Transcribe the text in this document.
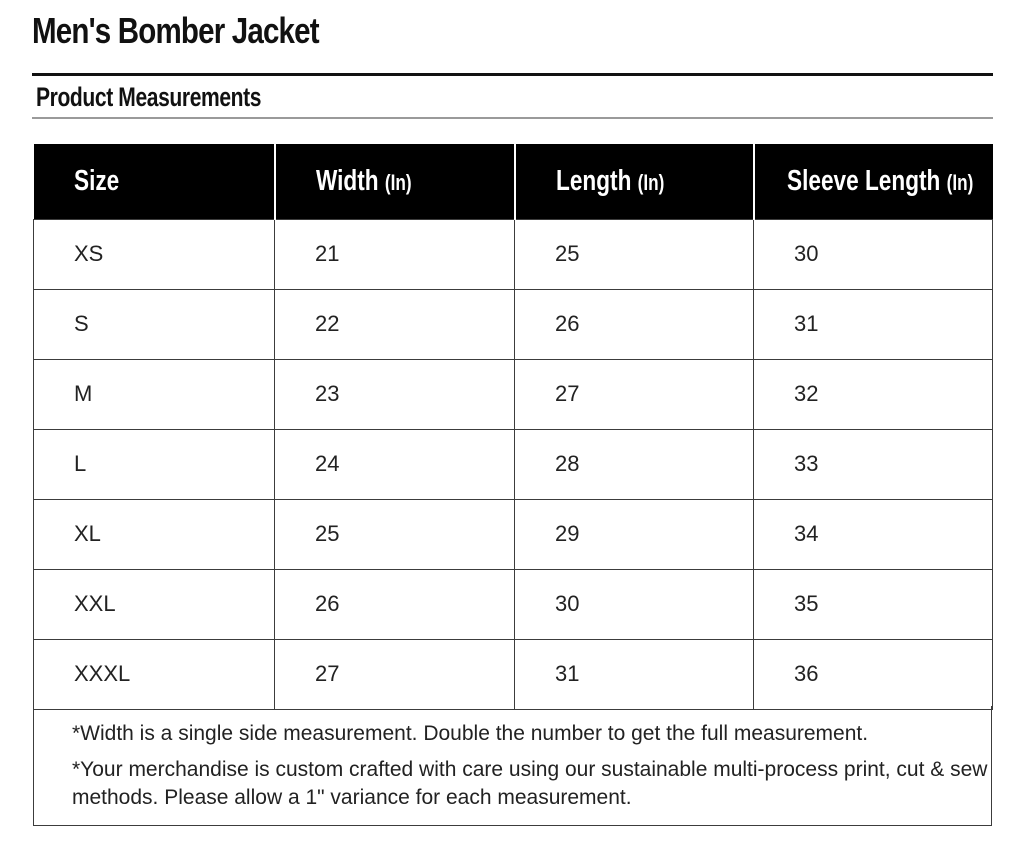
Men's Bomber Jacket
Product Measurements
Size	Width (In)	Length (In)	Sleeve Length (In)
XS	21	25	30
S	22	26	31
M	23	27	32
L	24	28	33
XL	25	29	34
XXL	26	30	35
XXXL	27	31	36

*Width is a single side measurement. Double the number to get the full measurement.

*Your merchandise is custom crafted with care using our sustainable multi-process print, cut & sew methods. Please allow a 1" variance for each measurement.
